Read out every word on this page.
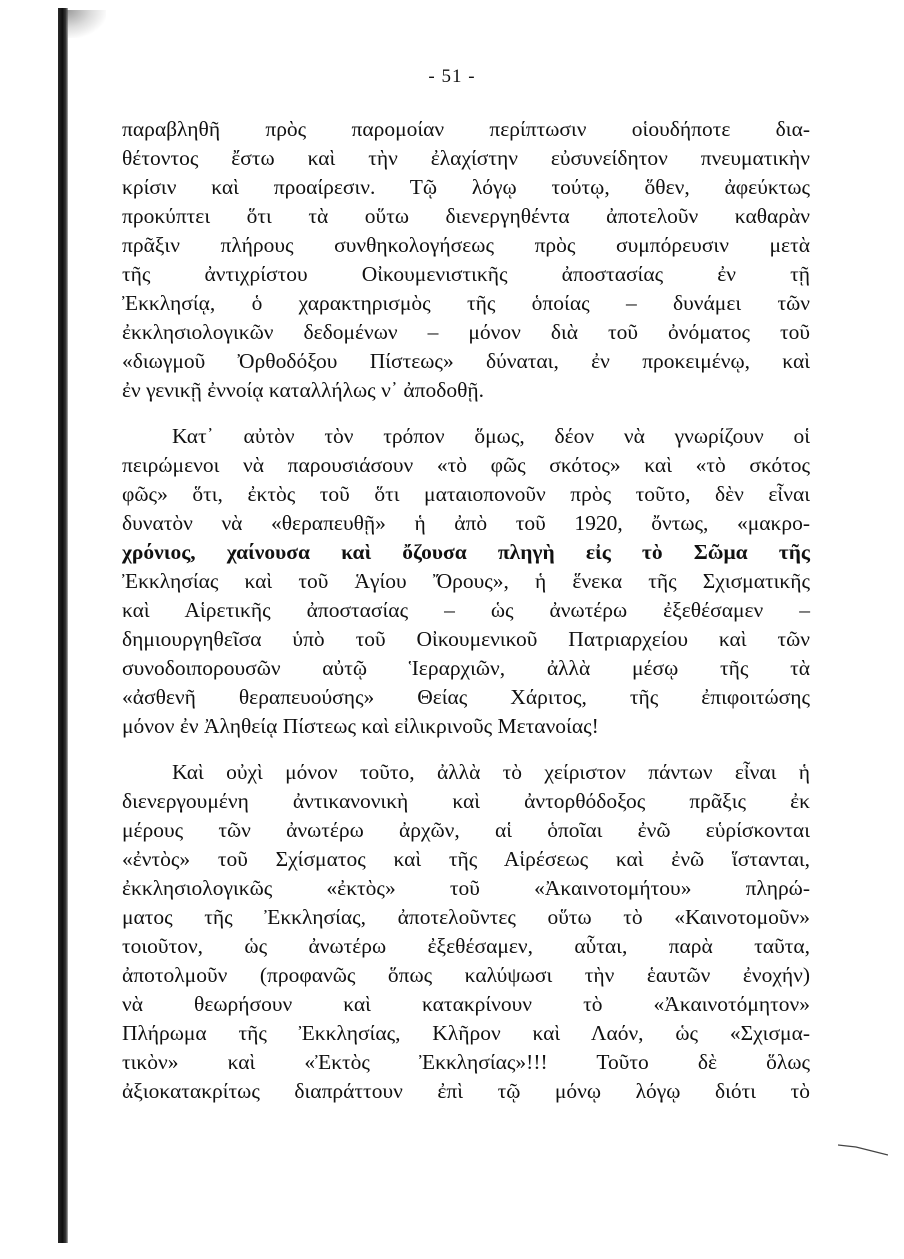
- 51 -
παραβληθῆ πρὸς παρομοίαν περίπτωσιν οἱουδήποτε δια-
θέτοντος ἔστω καὶ τὴν ἐλαχίστην εὐσυνείδητον πνευματικὴν
κρίσιν καὶ προαίρεσιν. Τῷ λόγῳ τούτῳ, ὅθεν, ἀφεύκτως
προκύπτει ὅτι τὰ οὕτω διενεργηθέντα ἀποτελοῦν καθαρὰν
πρᾶξιν πλήρους συνθηκολογήσεως πρὸς συμπόρευσιν μετὰ
τῆς ἀντιχρίστου Οἰκουμενιστικῆς ἀποστασίας ἐν τῇ
Ἐκκλησίᾳ, ὁ χαρακτηρισμὸς τῆς ὁποίας – δυνάμει τῶν
ἐκκλησιολογικῶν δεδομένων – μόνον διὰ τοῦ ὀνόματος τοῦ
«διωγμοῦ Ὀρθοδόξου Πίστεως» δύναται, ἐν προκειμένῳ, καὶ
ἐν γενικῇ ἐννοίᾳ καταλλήλως ν᾽ ἀποδοθῇ.
Κατ᾽ αὐτὸν τὸν τρόπον ὅμως, δέον νὰ γνωρίζουν οἱ
πειρώμενοι νὰ παρουσιάσουν «τὸ φῶς σκότος» καὶ «τὸ σκότος
φῶς» ὅτι, ἐκτὸς τοῦ ὅτι ματαιοπονοῦν πρὸς τοῦτο, δὲν εἶναι
δυνατὸν νὰ «θεραπευθῇ» ἡ ἀπὸ τοῦ 1920, ὄντως, «μακρο-
χρόνιος, χαίνουσα καὶ ὄζουσα πληγὴ εἰς τὸ Σῶμα τῆς
Ἐκκλησίας καὶ τοῦ Ἁγίου Ὄρους», ἡ ἕνεκα τῆς Σχισματικῆς
καὶ Αἱρετικῆς ἀποστασίας – ὡς ἀνωτέρω ἐξεθέσαμεν –
δημιουργηθεῖσα ὑπὸ τοῦ Οἰκουμενικοῦ Πατριαρχείου καὶ τῶν
συνοδοιπορουσῶν αὐτῷ Ἱεραρχιῶν, ἀλλὰ μέσῳ τῆς τὰ
«ἀσθενῆ θεραπευούσης» Θείας Χάριτος, τῆς ἐπιφοιτώσης
μόνον ἐν Ἀληθείᾳ Πίστεως καὶ εἰλικρινοῦς Μετανοίας!
Καὶ οὐχὶ μόνον τοῦτο, ἀλλὰ τὸ χείριστον πάντων εἶναι ἡ
διενεργουμένη ἀντικανονικὴ καὶ ἀντορθόδοξος πρᾶξις ἐκ
μέρους τῶν ἀνωτέρω ἀρχῶν, αἱ ὁποῖαι ἐνῶ εὑρίσκονται
«ἐντὸς» τοῦ Σχίσματος καὶ τῆς Αἱρέσεως καὶ ἐνῶ ἵστανται,
ἐκκλησιολογικῶς «ἐκτὸς» τοῦ «Ἀκαινοτομήτου» πληρώ-
ματος τῆς Ἐκκλησίας, ἀποτελοῦντες οὕτω τὸ «Καινοτομοῦν»
τοιοῦτον, ὡς ἀνωτέρω ἐξεθέσαμεν, αὗται, παρὰ ταῦτα,
ἀποτολμοῦν (προφανῶς ὅπως καλύψωσι τὴν ἑαυτῶν ἐνοχήν)
νὰ θεωρήσουν καὶ κατακρίνουν τὸ «Ἀκαινοτόμητον»
Πλήρωμα τῆς Ἐκκλησίας, Κλῆρον καὶ Λαόν, ὡς «Σχισμα-
τικὸν» καὶ «Ἐκτὸς Ἐκκλησίας»!!! Τοῦτο δὲ ὅλως
ἀξιοκατακρίτως διαπράττουν ἐπὶ τῷ μόνῳ λόγῳ διότι τὸ
